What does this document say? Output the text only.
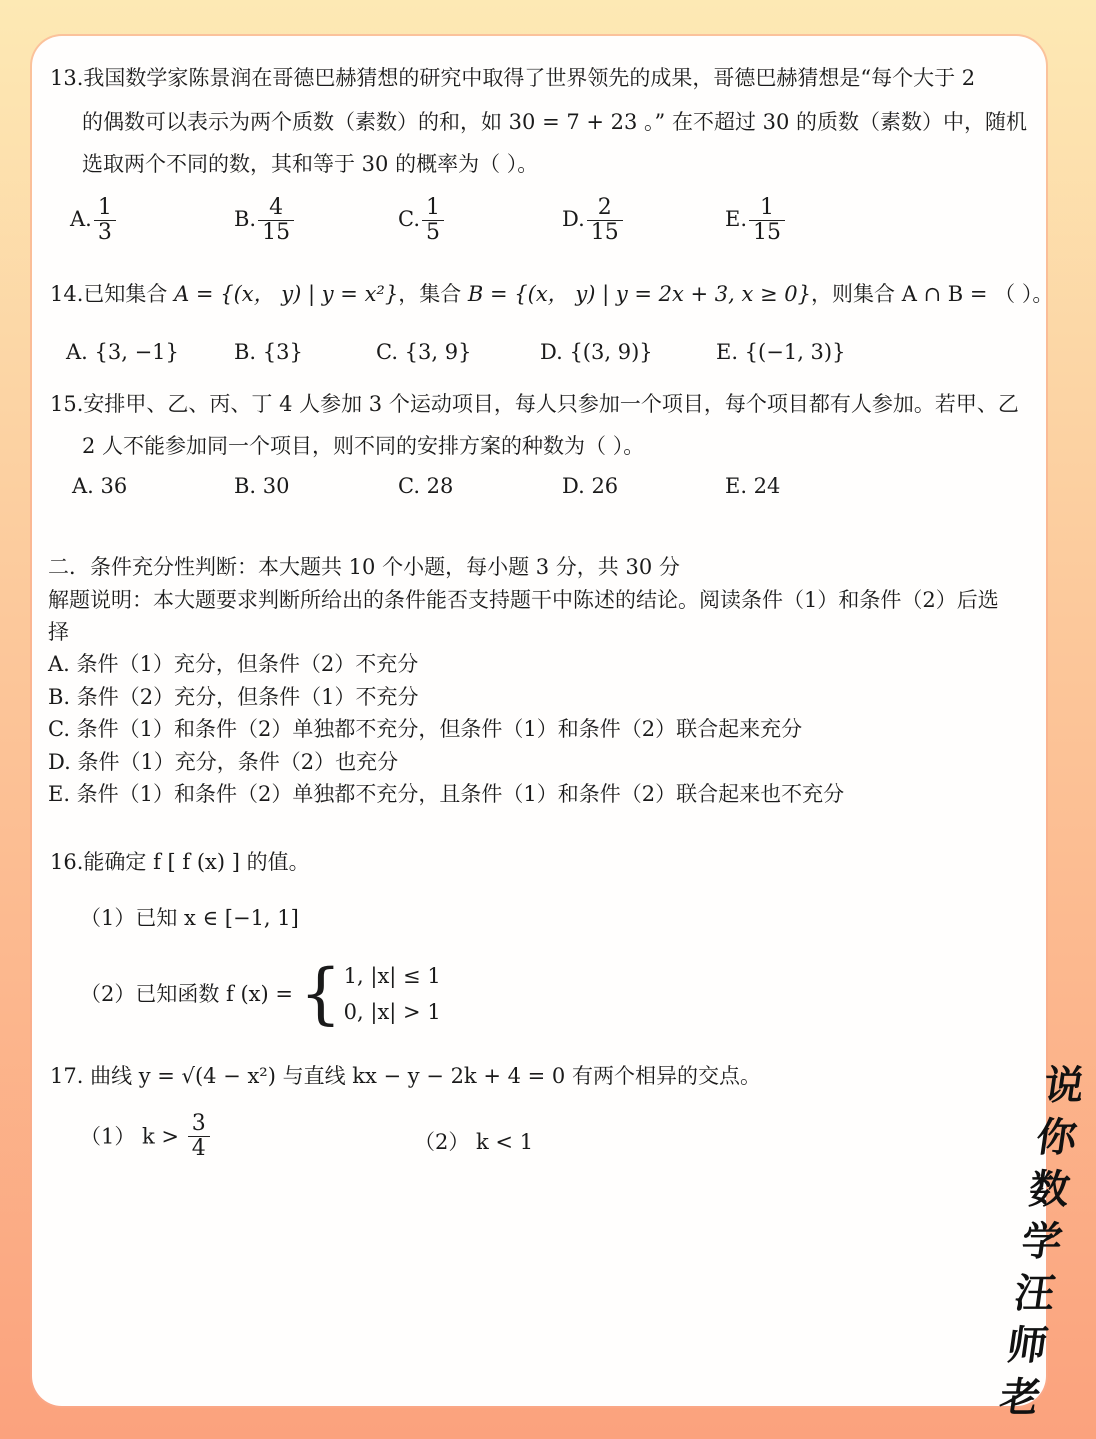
13.我国数学家陈景润在哥德巴赫猜想的研究中取得了世界领先的成果，哥德巴赫猜想是“每个大于 2
的偶数可以表示为两个质数（素数）的和，如 30 = 7 + 23 。” 在不超过 30 的质数（素数）中，随机
选取两个不同的数，其和等于 30 的概率为（ ）。
A. $\frac{1}{3}$	B. $\frac{4}{15}$	C. $\frac{1}{5}$	D. $\frac{2}{15}$	E. $\frac{1}{15}$
14.已知集合 A = {(x， y) | y = x²}，集合 B = {(x， y) | y = 2x + 3, x ≥ 0}，则集合 A ∩ B = （ ）。
A. {3, −1}	B. {3}	C. {3, 9}	D. {(3, 9)}	E. {(−1, 3)}
15.安排甲、乙、丙、丁 4 人参加 3 个运动项目，每人只参加一个项目，每个项目都有人参加。若甲、乙
2 人不能参加同一个项目，则不同的安排方案的种数为（ ）。
A. 36	B. 30	C. 28	D. 26	E. 24
二．条件充分性判断：本大题共 10 个小题，每小题 3 分，共 30 分
解题说明：本大题要求判断所给出的条件能否支持题干中陈述的结论。阅读条件（1）和条件（2）后选
择
A. 条件（1）充分，但条件（2）不充分
B. 条件（2）充分，但条件（1）不充分
C. 条件（1）和条件（2）单独都不充分，但条件（1）和条件（2）联合起来充分
D. 条件（1）充分，条件（2）也充分
E. 条件（1）和条件（2）单独都不充分，且条件（1）和条件（2）联合起来也不充分
16.能确定 f [ f (x) ] 的值。
（1）已知 x ∈ [−1, 1]
（2）已知函数 f (x) = { 1, |x| ≤ 1
0, |x| > 1
17. 曲线 y = √(4 − x²) 与直线 kx − y − 2k + 4 = 0 有两个相异的交点。
（1） $k > \frac{3}{4}$	（2） k < 1
说
你
数
学
汪
师
老
